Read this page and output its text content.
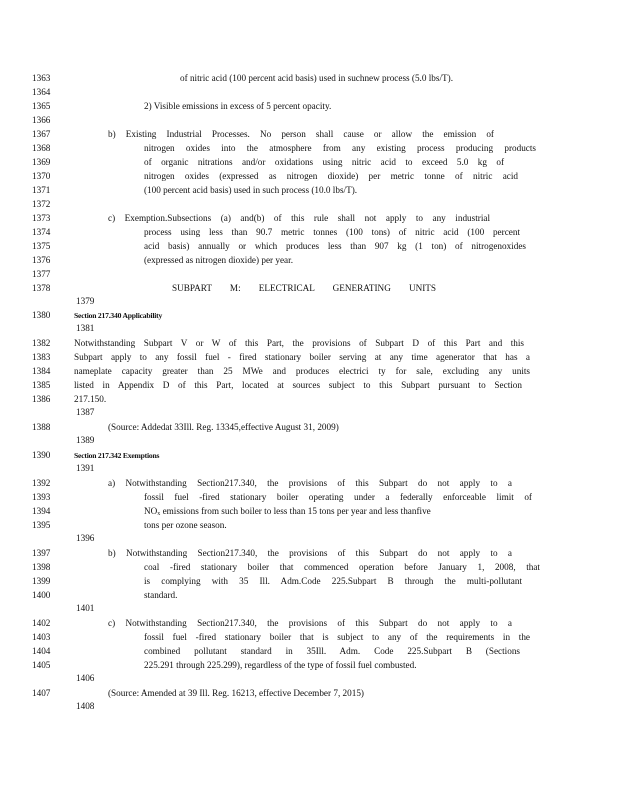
1363
1364
1365
1366
1367
1368
1369
1370
1371
1372
1373
1374
1375
1376
1377
1378
1379
1380
1381
1382
1383
1384
1385
1386
1387
1388
1389
1390
1391
1392
1393
1394
1395
1396
1397
1398
1399
1400
1401
1402
1403
1404
1405
1406
1407
1408
of nitric acid (100 percent acid basis) used in suchnew process (5.0 lbs/T).
2) Visible emissions in excess of 5 percent opacity.
b) Existing Industrial Processes. No person shall cause or allow the emission of
nitrogen oxides into the atmosphere from any existing process producing products
of organic nitrations and/or oxidations using nitric acid to exceed 5.0 kg of
nitrogen oxides (expressed as nitrogen dioxide) per metric tonne of nitric acid
(100 percent acid basis) used in such process (10.0 lbs/T).
c) Exemption.Subsections (a) and(b) of this rule shall not apply to any industrial
process using less than 90.7 metric tonnes (100 tons) of nitric acid (100 percent
acid basis) annually or which produces less than 907 kg (1 ton) of nitrogenoxides
(expressed as nitrogen dioxide) per year.
SUBPART M: ELECTRICAL GENERATING UNITS
Section 217.340 Applicability
Notwithstanding Subpart V or W of this Part, the provisions of Subpart D of this Part and this
Subpart apply to any fossil fuel - fired stationary boiler serving at any time agenerator that has a
nameplate capacity greater than 25 MWe and produces electrici ty for sale, excluding any units
listed in Appendix D of this Part, located at sources subject to this Subpart pursuant to Section
217.150.
(Source: Addedat 33Ill. Reg. 13345,effective August 31, 2009)
Section 217.342 Exemptions
a) Notwithstanding Section217.340, the provisions of this Subpart do not apply to a
fossil fuel -fired stationary boiler operating under a federally enforceable limit of
$NO_x$ emissions from such boiler to less than 15 tons per year and less thanfive
tons per ozone season.
b) Notwithstanding Section217.340, the provisions of this Subpart do not apply to a
coal -fired stationary boiler that commenced operation before January 1, 2008, that
is complying with 35 Ill. Adm.Code 225.Subpart B through the multi-pollutant
standard.
c) Notwithstanding Section217.340, the provisions of this Subpart do not apply to a
fossil fuel -fired stationary boiler that is subject to any of the requirements in the
combined pollutant standard in 35Ill. Adm. Code 225.Subpart B (Sections
225.291 through 225.299), regardless of the type of fossil fuel combusted.
(Source: Amended at 39 Ill. Reg. 16213, effective December 7, 2015)
